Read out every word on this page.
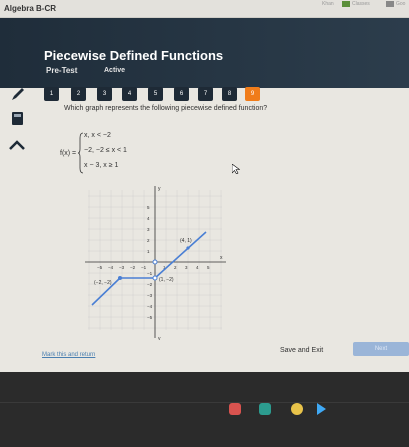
Algebra B-CR	Khan	Classes	Goo
Piecewise Defined Functions
Pre-Test	Active
1	2	3	4	5	6	7	8	9
Which graph represents the following piecewise defined function?
f(x) =
x, x < −2
−2, −2 ≤ x < 1
x − 3, x ≥ 1
−5 −4 −3 −2 −1	1 2 3 4 5
5
4
3
2
1
−1
−2
−3
−4
−5
x
y
y
(4, 1)
(−2, −2)	(1, −2)
Mark this and return
Save and Exit	Next
